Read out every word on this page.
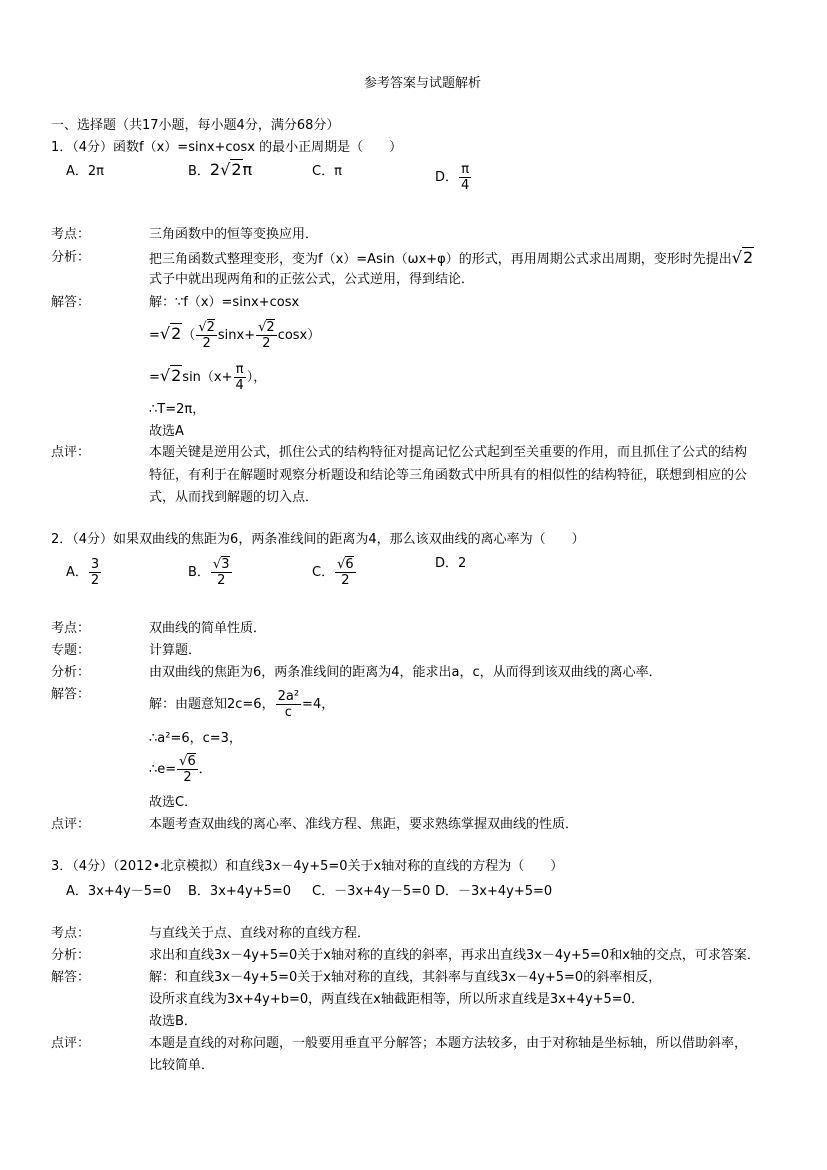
参考答案与试题解析
一、选择题（共17小题，每小题4分，满分68分）
1．（4分）函数f（x）=sinx+cosx 的最小正周期是（　　）
A．2π	B．2√2π	C．π	D． $\frac{\pi}{4}$
考点：	三角函数中的恒等变换应用．
分析：	把三角函数式整理变形，变为f（x）=Asin（ωx+φ）的形式，再用周期公式求出周期，变形时先提出√2
式子中就出现两角和的正弦公式，公式逆用，得到结论．
解答：	解：∵f（x）=sinx+cosx
$=√2( \frac{√2}{2} \sin x+ \frac{√2}{2} \cos x)$
$=√2\sin(x+ \frac{\pi}{4}$ ），
∴T=2π，
故选A
点评：	本题关键是逆用公式，抓住公式的结构特征对提高记忆公式起到至关重要的作用，而且抓住了公式的结构
特征，有利于在解题时观察分析题设和结论等三角函数式中所具有的相似性的结构特征，联想到相应的公
式，从而找到解题的切入点．
2．（4分）如果双曲线的焦距为6，两条准线间的距离为4，那么该双曲线的离心率为（　　）
A． $\frac{3}{2}$	B． $\frac{√3}{2}$	C． $\frac{√6}{2}$	D．2
考点：	双曲线的简单性质．
专题：	计算题．
分析：	由双曲线的焦距为6，两条准线间的距离为4，能求出a，c，从而得到该双曲线的离心率．
解答：
解：由题意知2c=6， $\frac{\text{2a²}}{c} =4$，
∴a²=6，c=3，
∴e= $\frac{√6}{2}$ ．
故选C．
点评：	本题考查双曲线的离心率、准线方程、焦距，要求熟练掌握双曲线的性质．
3．（4分）（2012•北京模拟）和直线3x－4y+5=0关于x轴对称的直线的方程为（　　）
A．3x+4y－5=0 B．3x+4y+5=0 C．－3x+4y－5=0 D．－3x+4y+5=0
考点：	与直线关于点、直线对称的直线方程．
分析：	求出和直线3x－4y+5=0关于x轴对称的直线的斜率，再求出直线3x－4y+5=0和x轴的交点，可求答案．
解答：	解：和直线3x－4y+5=0关于x轴对称的直线，其斜率与直线3x－4y+5=0的斜率相反，
设所求直线为3x+4y+b=0，两直线在x轴截距相等，所以所求直线是3x+4y+5=0．
故选B．
点评：	本题是直线的对称问题，一般要用垂直平分解答；本题方法较多，由于对称轴是坐标轴，所以借助斜率，
比较简单．
